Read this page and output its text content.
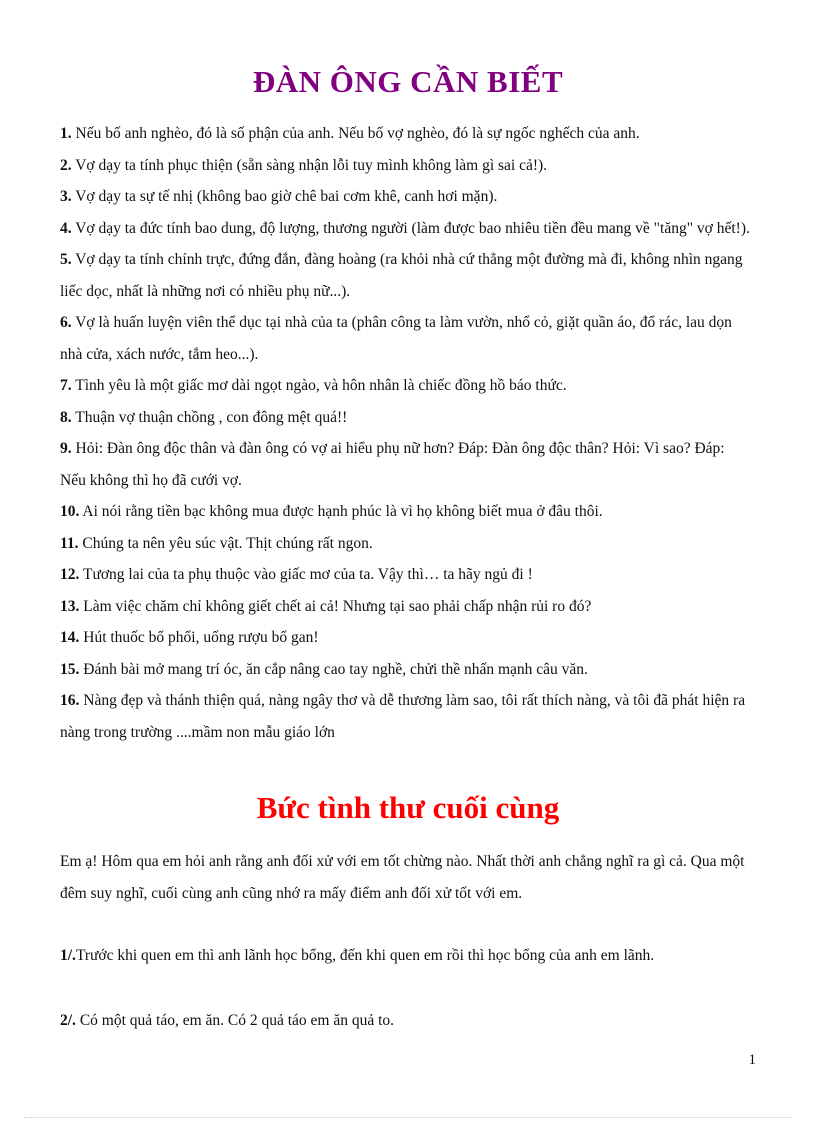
ĐÀN ÔNG CẦN BIẾT
1. Nếu bố anh nghèo, đó là số phận của anh. Nếu bố vợ nghèo, đó là sự ngốc nghếch của anh.
2. Vợ dạy ta tính phục thiện (sẵn sàng nhận lỗi tuy mình không làm gì sai cả!).
3. Vợ dạy ta sự tế nhị (không bao giờ chê bai cơm khê, canh hơi mặn).
4. Vợ dạy ta đức tính bao dung, độ lượng, thương người (làm được bao nhiêu tiền đều mang về "tăng" vợ hết!).
5. Vợ dạy ta tính chính trực, đứng đắn, đàng hoàng (ra khỏi nhà cứ thẳng một đường mà đi, không nhìn ngang liếc dọc, nhất là những nơi có nhiều phụ nữ...).
6. Vợ là huấn luyện viên thể dục tại nhà của ta (phân công ta làm vườn, nhổ cỏ, giặt quần áo, đổ rác, lau dọn nhà cửa, xách nước, tắm heo...).
7. Tình yêu là một giấc mơ dài ngọt ngào, và hôn nhân là chiếc đồng hồ báo thức.
8. Thuận vợ thuận chồng , con đông mệt quá!!
9. Hỏi: Đàn ông độc thân và đàn ông có vợ ai hiểu phụ nữ hơn? Đáp: Đàn ông độc thân? Hỏi: Vì sao? Đáp: Nếu không thì họ đã cưới vợ.
10. Ai nói rằng tiền bạc không mua được hạnh phúc là vì họ không biết mua ở đâu thôi.
11. Chúng ta nên yêu súc vật. Thịt chúng rất ngon.
12. Tương lai của ta phụ thuộc vào giấc mơ của ta. Vậy thì… ta hãy ngủ đi !
13. Làm việc chăm chỉ không giết chết ai cả! Nhưng tại sao phải chấp nhận rủi ro đó?
14. Hút thuốc bổ phổi, uống rượu bổ gan!
15. Đánh bài mở mang trí óc, ăn cắp nâng cao tay nghề, chửi thề nhấn mạnh câu văn.
16. Nàng đẹp và thánh thiện quá, nàng ngây thơ và dễ thương làm sao, tôi rất thích nàng, và tôi đã phát hiện ra nàng trong trường ....mầm non mẫu giáo lớn
Bức tình thư cuối cùng

Em ạ! Hôm qua em hỏi anh rằng anh đối xử với em tốt chừng nào. Nhất thời anh chẳng nghĩ ra gì cả. Qua một đêm suy nghĩ, cuối cùng anh cũng nhớ ra mấy điểm anh đối xử tốt với em.

1/.Trước khi quen em thì anh lãnh học bổng, đến khi quen em rồi thì học bổng của anh em lãnh.

2/. Có một quả táo, em ăn. Có 2 quả táo em ăn quả to.

1
